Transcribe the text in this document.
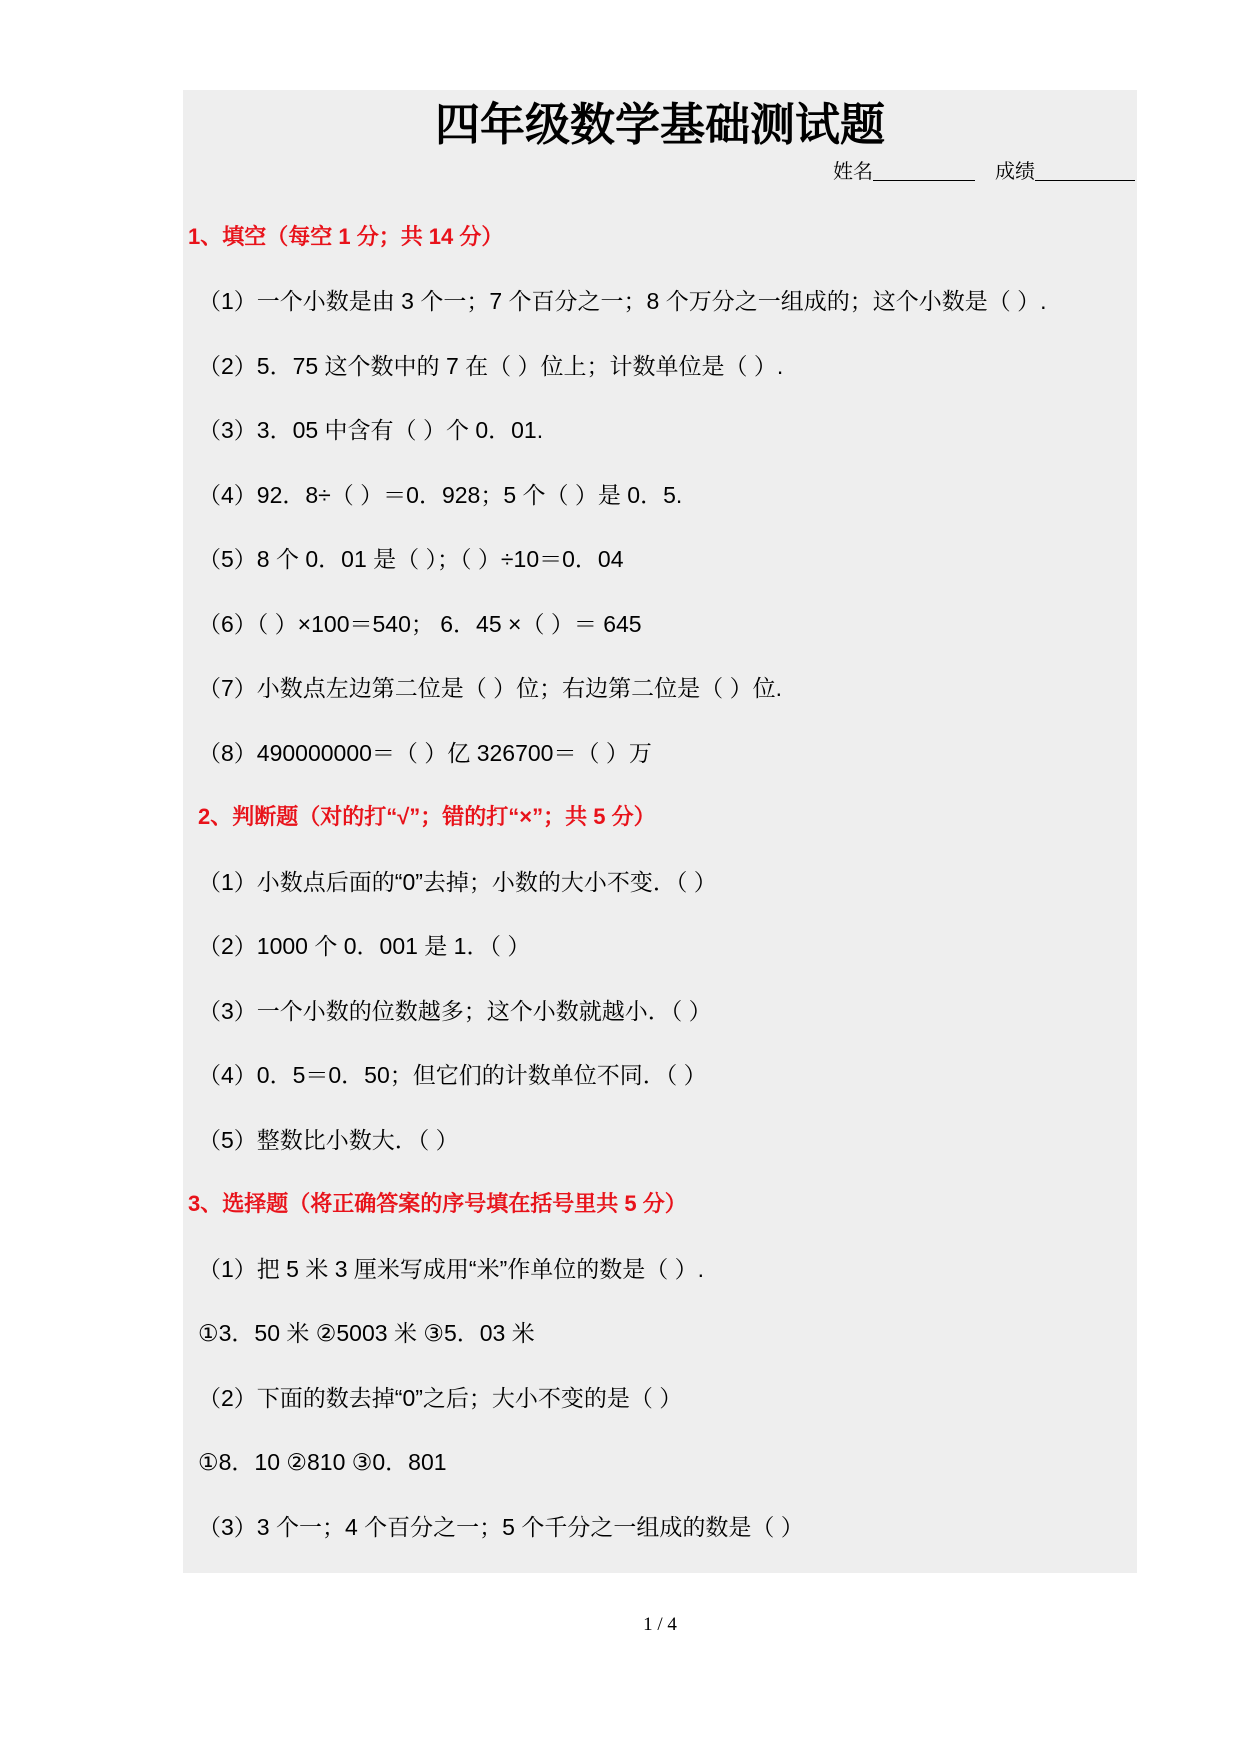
四年级数学基础测试题
姓名	成绩
1、填空（每空 1 分；共 14 分）
（1）一个小数是由 3 个一；7 个百分之一；8 个万分之一组成的；这个小数是（ ）.
（2）5．75 这个数中的 7 在（ ）位上；计数单位是（ ）.
（3）3．05 中含有（ ）个 0．01.
（4）92．8÷（ ）＝0．928；5 个（ ）是 0．5.
（5）8 个 0．01 是（ ）；（ ）÷10＝0．04
（6）（ ）×100＝540； 6．45 ×（ ）＝ 645
（7）小数点左边第二位是（ ）位；右边第二位是（ ）位.
（8）490000000＝（ ）亿 326700＝（ ）万
2、判断题（对的打“√”；错的打“×”；共 5 分）
（1）小数点后面的“0”去掉；小数的大小不变．（ ）
（2）1000 个 0．001 是 1．（ ）
（3）一个小数的位数越多；这个小数就越小．（ ）
（4）0．5＝0．50；但它们的计数单位不同．（ ）
（5）整数比小数大．（ ）
3、选择题（将正确答案的序号填在括号里共 5 分）
（1）把 5 米 3 厘米写成用“米”作单位的数是（ ）.
①3．50 米 ②5003 米 ③5．03 米
（2）下面的数去掉“0”之后；大小不变的是（ ）
①8．10 ②810 ③0．801
（3）3 个一；4 个百分之一；5 个千分之一组成的数是（ ）
1 / 4
